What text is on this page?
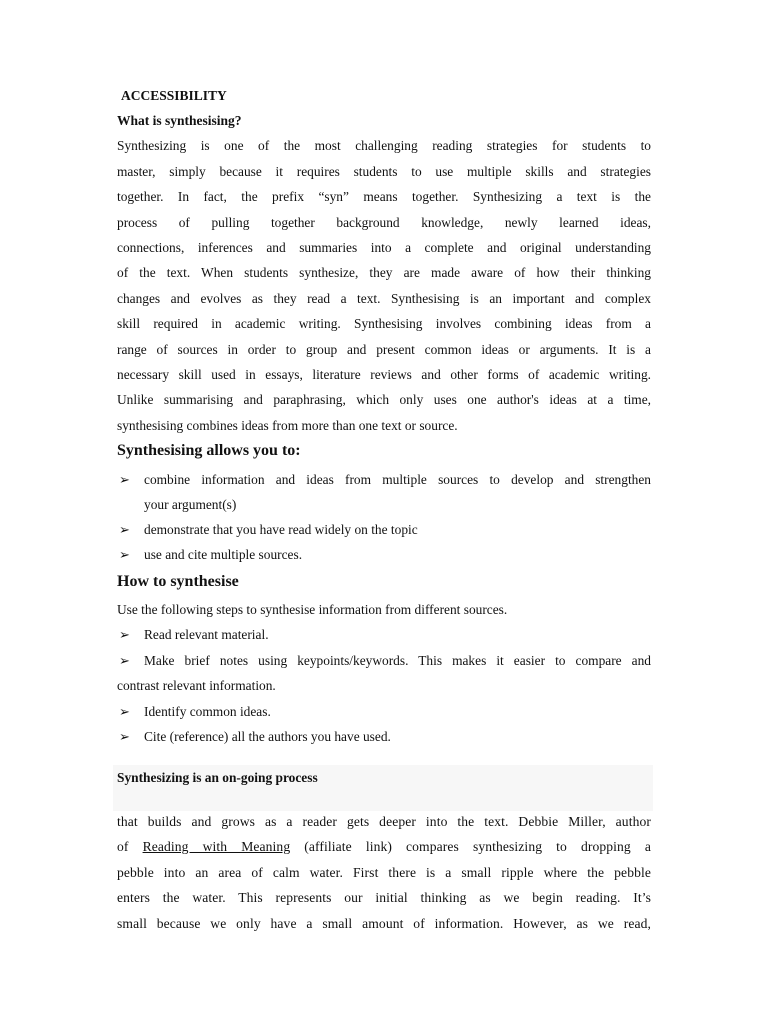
ACCESSIBILITY
What is synthesising?
Synthesizing is one of the most challenging reading strategies for students to
master, simply because it requires students to use multiple skills and strategies
together. In fact, the prefix “syn” means together. Synthesizing a text is the
process of pulling together background knowledge, newly learned ideas,
connections, inferences and summaries into a complete and original understanding
of the text. When students synthesize, they are made aware of how their thinking
changes and evolves as they read a text. Synthesising is an important and complex
skill required in academic writing. Synthesising involves combining ideas from a
range of sources in order to group and present common ideas or arguments. It is a
necessary skill used in essays, literature reviews and other forms of academic writing.
Unlike summarising and paraphrasing, which only uses one author's ideas at a time,
synthesising combines ideas from more than one text or source.
Synthesising allows you to:
➢ combine information and ideas from multiple sources to develop and strengthen
your argument(s)
➢ demonstrate that you have read widely on the topic
➢ use and cite multiple sources.
How to synthesise
Use the following steps to synthesise information from different sources.
➢ Read relevant material.
➢ Make brief notes using keypoints/keywords. This makes it easier to compare and
contrast relevant information.
➢ Identify common ideas.
➢ Cite (reference) all the authors you have used.
Synthesizing is an on-going process
that builds and grows as a reader gets deeper into the text. Debbie Miller, author
of Reading with Meaning (affiliate link) compares synthesizing to dropping a
pebble into an area of calm water. First there is a small ripple where the pebble
enters the water. This represents our initial thinking as we begin reading. It’s
small because we only have a small amount of information. However, as we read,
